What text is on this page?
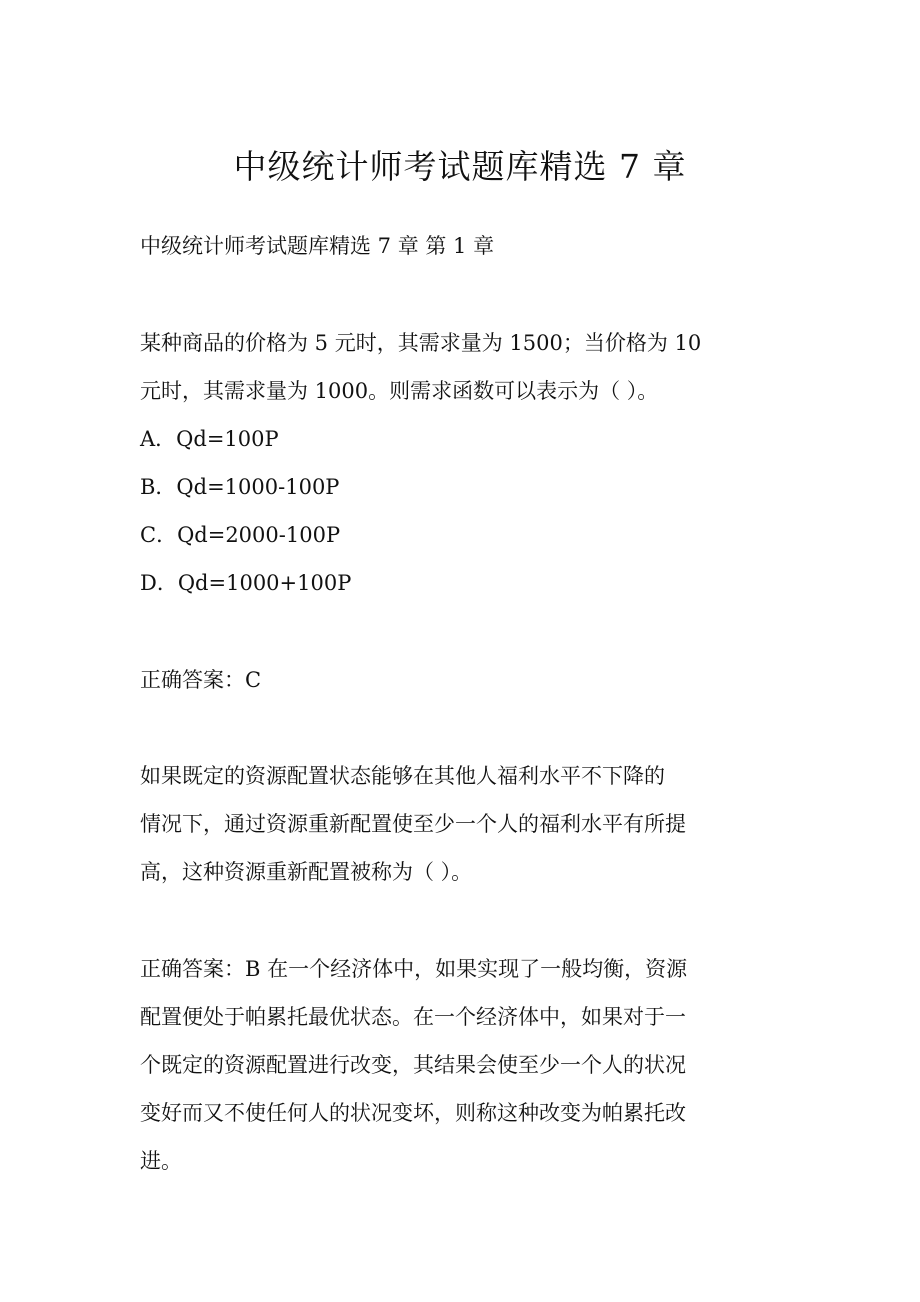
中级统计师考试题库精选 7 章

中级统计师考试题库精选 7 章 第 1 章

某种商品的价格为 5 元时，其需求量为 1500；当价格为 10

元时，其需求量为 1000。则需求函数可以表示为（ ）。

A．Qd=100P

B．Qd=1000-100P

C．Qd=2000-100P

D．Qd=1000+100P

正确答案：C

如果既定的资源配置状态能够在其他人福利水平不下降的

情况下，通过资源重新配置使至少一个人的福利水平有所提

高，这种资源重新配置被称为（ ）。

正确答案：B 在一个经济体中，如果实现了一般均衡，资源

配置便处于帕累托最优状态。在一个经济体中，如果对于一

个既定的资源配置进行改变，其结果会使至少一个人的状况

变好而又不使任何人的状况变坏，则称这种改变为帕累托改

进。
